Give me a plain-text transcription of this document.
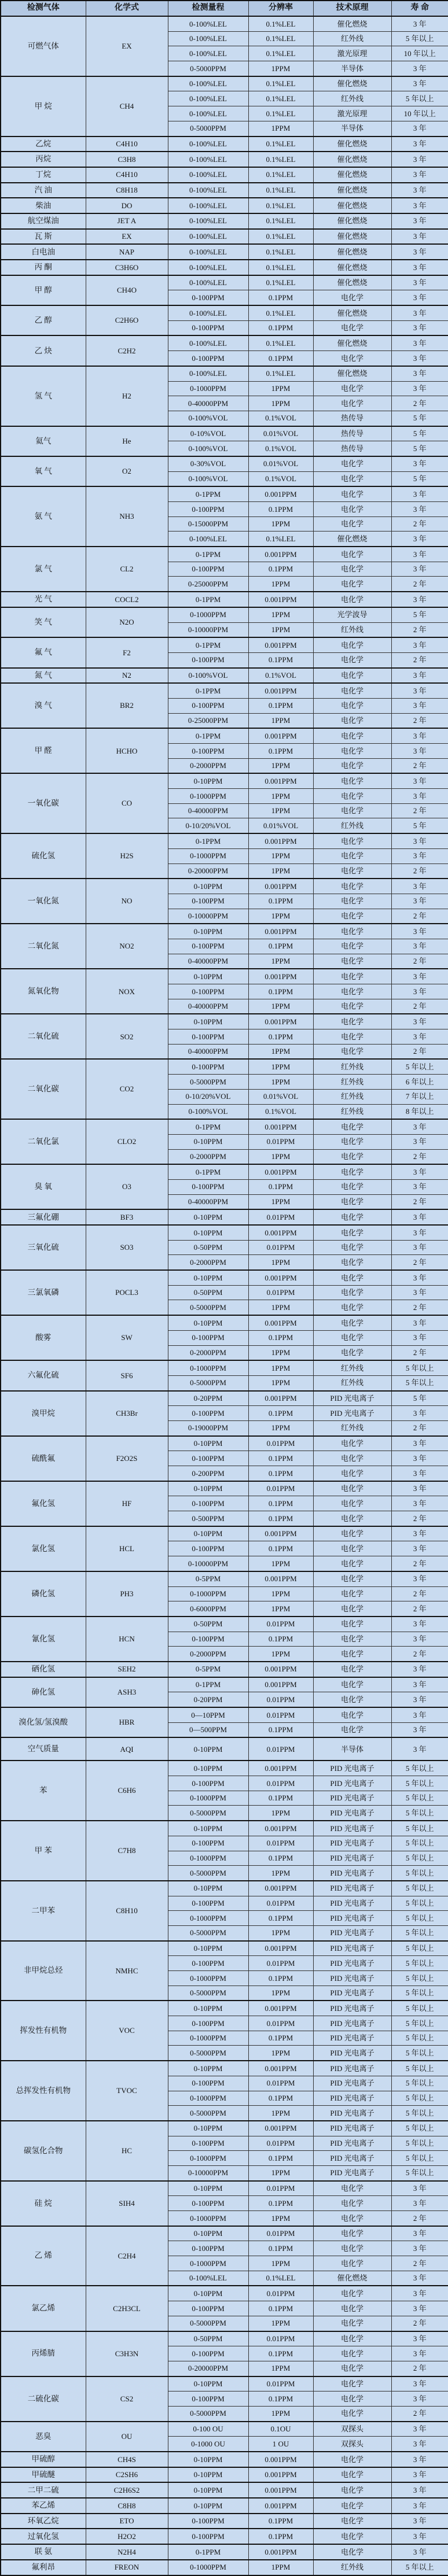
检测气体	化学式	检测量程	分辨率	技术原理	寿 命
可燃气体	EX	0-100%LEL	0.1%LEL	催化燃烧	3 年
		0-100%LEL	0.1%LEL	红外线	5 年以上
		0-100%LEL	0.1%LEL	激光原理	10 年以上
		0-5000PPM	1PPM	半导体	3 年
甲 烷	CH4	0-100%LEL	0.1%LEL	催化燃烧	3 年
		0-100%LEL	0.1%LEL	红外线	5 年以上
		0-100%LEL	0.1%LEL	激光原理	10 年以上
		0-5000PPM	1PPM	半导体	3 年
乙烷	C4H10	0-100%LEL	0.1%LEL	催化燃烧	3 年
丙烷	C3H8	0-100%LEL	0.1%LEL	催化燃烧	3 年
丁烷	C4H10	0-100%LEL	0.1%LEL	催化燃烧	3 年
汽 油	C8H18	0-100%LEL	0.1%LEL	催化燃烧	3 年
柴油	DO	0-100%LEL	0.1%LEL	催化燃烧	3 年
航空煤油	JET A	0-100%LEL	0.1%LEL	催化燃烧	3 年
瓦 斯	EX	0-100%LEL	0.1%LEL	催化燃烧	3 年
白电油	NAP	0-100%LEL	0.1%LEL	催化燃烧	3 年
丙 酮	C3H6O	0-100%LEL	0.1%LEL	催化燃烧	3 年
甲 醇	CH4O	0-100%LEL	0.1%LEL	催化燃烧	3 年
		0-100PPM	0.1PPM	电化学	3 年
乙 醇	C2H6O	0-100%LEL	0.1%LEL	催化燃烧	3 年
		0-100PPM	0.1PPM	电化学	3 年
乙 炔	C2H2	0-100%LEL	0.1%LEL	催化燃烧	3 年
		0-100PPM	0.1PPM	电化学	3 年
氢 气	H2	0-100%LEL	0.1%LEL	催化燃烧	3 年
		0-1000PPM	1PPM	电化学	3 年
		0-40000PPM	1PPM	电化学	2 年
		0-100%VOL	0.1%VOL	热传导	5 年
氦气	He	0-10%VOL	0.01%VOL	热传导	5 年
		0-100%VOL	0.1%VOL	热传导	5 年
氧 气	O2	0-30%VOL	0.01%VOL	电化学	3 年
		0-100%VOL	0.1%VOL	电化学	5 年
氨 气	NH3	0-1PPM	0.001PPM	电化学	3 年
		0-100PPM	0.1PPM	电化学	3 年
		0-15000PPM	1PPM	电化学	2 年
		0-100%LEL	0.1%LEL	催化燃烧	3 年
氯 气	CL2	0-1PPM	0.001PPM	电化学	3 年
		0-100PPM	0.1PPM	电化学	3 年
		0-25000PPM	1PPM	电化学	2 年
光 气	COCL2	0-1PPM	0.001PPM	电化学	3 年
笑 气	N2O	0-1000PPM	1PPM	光学波导	5 年
		0-10000PPM	1PPM	红外线	2 年
氟 气	F2	0-1PPM	0.001PPM	电化学	3 年
		0-100PPM	0.1PPM	电化学	2 年
氮 气	N2	0-100%VOL	0.1%VOL	电化学	3 年
溴 气	BR2	0-1PPM	0.001PPM	电化学	3 年
		0-100PPM	0.1PPM	电化学	3 年
		0-25000PPM	1PPM	电化学	2 年
甲 醛	HCHO	0-1PPM	0.001PPM	电化学	3 年
		0-100PPM	0.1PPM	电化学	3 年
		0-2000PPM	1PPM	电化学	2 年
一氧化碳	CO	0-10PPM	0.001PPM	电化学	3 年
		0-1000PPM	1PPM	电化学	3 年
		0-40000PPM	1PPM	电化学	2 年
		0-10/20%VOL	0.01%VOL	红外线	5 年
硫化氢	H2S	0-1PPM	0.001PPM	电化学	3 年
		0-1000PPM	1PPM	电化学	3 年
		0-20000PPM	1PPM	电化学	2 年
一氧化氮	NO	0-10PPM	0.001PPM	电化学	3 年
		0-100PPM	0.1PPM	电化学	3 年
		0-10000PPM	1PPM	电化学	2 年
二氧化氮	NO2	0-10PPM	0.001PPM	电化学	3 年
		0-100PPM	0.1PPM	电化学	3 年
		0-40000PPM	1PPM	电化学	2 年
氮氧化物	NOX	0-10PPM	0.001PPM	电化学	3 年
		0-100PPM	0.1PPM	电化学	3 年
		0-40000PPM	1PPM	电化学	2 年
二氧化硫	SO2	0-10PPM	0.001PPM	电化学	3 年
		0-100PPM	0.1PPM	电化学	3 年
		0-40000PPM	1PPM	电化学	2 年
二氧化碳	CO2	0-100PPM	1PPM	红外线	5 年以上
		0-5000PPM	1PPM	红外线	6 年以上
		0-10/20%VOL	0.01%VOL	红外线	7 年以上
		0-100%VOL	0.1%VOL	红外线	8 年以上
二氧化氯	CLO2	0-1PPM	0.001PPM	电化学	3 年
		0-10PPM	0.01PPM	电化学	3 年
		0-2000PPM	1PPM	电化学	2 年
臭 氧	O3	0-1PPM	0.001PPM	电化学	3 年
		0-100PPM	0.1PPM	电化学	3 年
		0-40000PPM	1PPM	电化学	2 年
三氟化硼	BF3	0-10PPM	0.01PPM	电化学	3 年
三氧化硫	SO3	0-10PPM	0.001PPM	电化学	3 年
		0-50PPM	0.01PPM	电化学	3 年
		0-2000PPM	1PPM	电化学	2 年
三氯氧磷	POCL3	0-10PPM	0.001PPM	电化学	3 年
		0-50PPM	0.01PPM	电化学	3 年
		0-5000PPM	1PPM	电化学	2 年
酸雾	SW	0-10PPM	0.001PPM	电化学	3 年
		0-100PPM	0.1PPM	电化学	3 年
		0-2000PPM	1PPM	电化学	2 年
六氟化硫	SF6	0-1000PPM	1PPM	红外线	5 年以上
		0-5000PPM	1PPM	红外线	5 年以上
溴甲烷	CH3Br	0-20PPM	0.001PPM	PID 光电离子	5 年
		0-100PPM	0.1PPM	PID 光电离子	3 年
		0-19000PPM	1PPM	红外线	2 年
硫酰氟	F2O2S	0-10PPM	0.01PPM	电化学	3 年
		0-100PPM	0.1PPM	电化学	3 年
		0-200PPM	0.1PPM	电化学	3 年
氟化氢	HF	0-10PPM	0.01PPM	电化学	3 年
		0-100PPM	0.1PPM	电化学	3 年
		0-500PPM	0.1PPM	电化学	2 年
氯化氢	HCL	0-10PPM	0.001PPM	电化学	3 年
		0-100PPM	0.1PPM	电化学	3 年
		0-10000PPM	1PPM	电化学	2 年
磷化氢	PH3	0-5PPM	0.001PPM	电化学	3 年
		0-1000PPM	1PPM	电化学	2 年
		0-6000PPM	1PPM	电化学	2 年
氰化氢	HCN	0-50PPM	0.01PPM	电化学	3 年
		0-100PPM	0.1PPM	电化学	3 年
		0-2000PPM	1PPM	电化学	2 年
硒化氢	SEH2	0-5PPM	0.001PPM	电化学	3 年
砷化氢	ASH3	0-1PPM	0.001PPM	电化学	3 年
		0-20PPM	0.01PPM	电化学	3 年
溴化氢/氢溴酸	HBR	0—10PPM	0.01PPM	电化学	3 年
		0—500PPM	0.1PPM	电化学	3 年
空气质量	AQI	0-10PPM	0.01PPM	半导体	3 年
苯	C6H6	0-10PPM	0.001PPM	PID 光电离子	5 年以上
		0-100PPM	0.01PPM	PID 光电离子	5 年以上
		0-1000PPM	0.1PPM	PID 光电离子	5 年以上
		0-5000PPM	1PPM	PID 光电离子	5 年以上
甲 苯	C7H8	0-10PPM	0.001PPM	PID 光电离子	5 年以上
		0-100PPM	0.01PPM	PID 光电离子	5 年以上
		0-1000PPM	0.1PPM	PID 光电离子	5 年以上
		0-5000PPM	1PPM	PID 光电离子	5 年以上
二甲苯	C8H10	0-10PPM	0.001PPM	PID 光电离子	5 年以上
		0-100PPM	0.01PPM	PID 光电离子	5 年以上
		0-1000PPM	0.1PPM	PID 光电离子	5 年以上
		0-5000PPM	1PPM	PID 光电离子	5 年以上
非甲烷总烃	NMHC	0-10PPM	0.001PPM	PID 光电离子	5 年以上
		0-100PPM	0.01PPM	PID 光电离子	5 年以上
		0-1000PPM	0.1PPM	PID 光电离子	5 年以上
		0-5000PPM	1PPM	PID 光电离子	5 年以上
挥发性有机物	VOC	0-10PPM	0.001PPM	PID 光电离子	5 年以上
		0-100PPM	0.01PPM	PID 光电离子	5 年以上
		0-1000PPM	0.1PPM	PID 光电离子	5 年以上
		0-5000PPM	1PPM	PID 光电离子	5 年以上
总挥发性有机物	TVOC	0-10PPM	0.001PPM	PID 光电离子	5 年以上
		0-100PPM	0.01PPM	PID 光电离子	5 年以上
		0-1000PPM	0.1PPM	PID 光电离子	5 年以上
		0-5000PPM	1PPM	PID 光电离子	5 年以上
碳氢化合物	HC	0-10PPM	0.001PPM	PID 光电离子	5 年以上
		0-100PPM	0.01PPM	PID 光电离子	5 年以上
		0-1000PPM	0.1PPM	PID 光电离子	5 年以上
		0-10000PPM	1PPM	PID 光电离子	5 年以上
硅 烷	SIH4	0-10PPM	0.01PPM	电化学	3 年
		0-100PPM	0.1PPM	电化学	3 年
		0-1000PPM	1PPM	电化学	2 年
乙 烯	C2H4	0-10PPM	0.01PPM	电化学	3 年
		0-100PPM	0.1PPM	电化学	3 年
		0-1000PPM	1PPM	电化学	2 年
		0-100%LEL	0.1%LEL	催化燃烧	3 年
氯乙烯	C2H3CL	0-10PPM	0.01PPM	电化学	3 年
		0-100PPM	0.1PPM	电化学	3 年
		0-5000PPM	1PPM	电化学	2 年
丙烯腈	C3H3N	0-50PPM	0.01PPM	电化学	3 年
		0-100PPM	0.1PPM	电化学	3 年
		0-20000PPM	1PPM	电化学	2 年
二硫化碳	CS2	0-10PPM	0.01PPM	电化学	3 年
		0-100PPM	0.1PPM	电化学	3 年
		0-5000PPM	1PPM	电化学	2 年
恶臭	OU	0-100 OU	0.1OU	双探头	3 年
		0-1000 OU	1 OU	双探头	3 年
甲硫醇	CH4S	0-10PPM	0.001PPM	电化学	3 年
甲硫醚	C2SH6	0-10PPM	0.001PPM	电化学	3 年
二甲二硫	C2H6S2	0-10PPM	0.001PPM	电化学	3 年
苯乙烯	C8H8	0-10PPM	0.001PPM	电化学	3 年
环氧乙烷	ETO	0-100PPM	0.1PPM	电化学	3 年
过氧化氢	H2O2	0-100PPM	0.1PPM	电化学	3 年
联 氨	N2H4	0-1PPM	0.001PPM	电化学	3 年
氟利昂	FREON	0-1000PPM	1PPM	红外线	5 年以上
